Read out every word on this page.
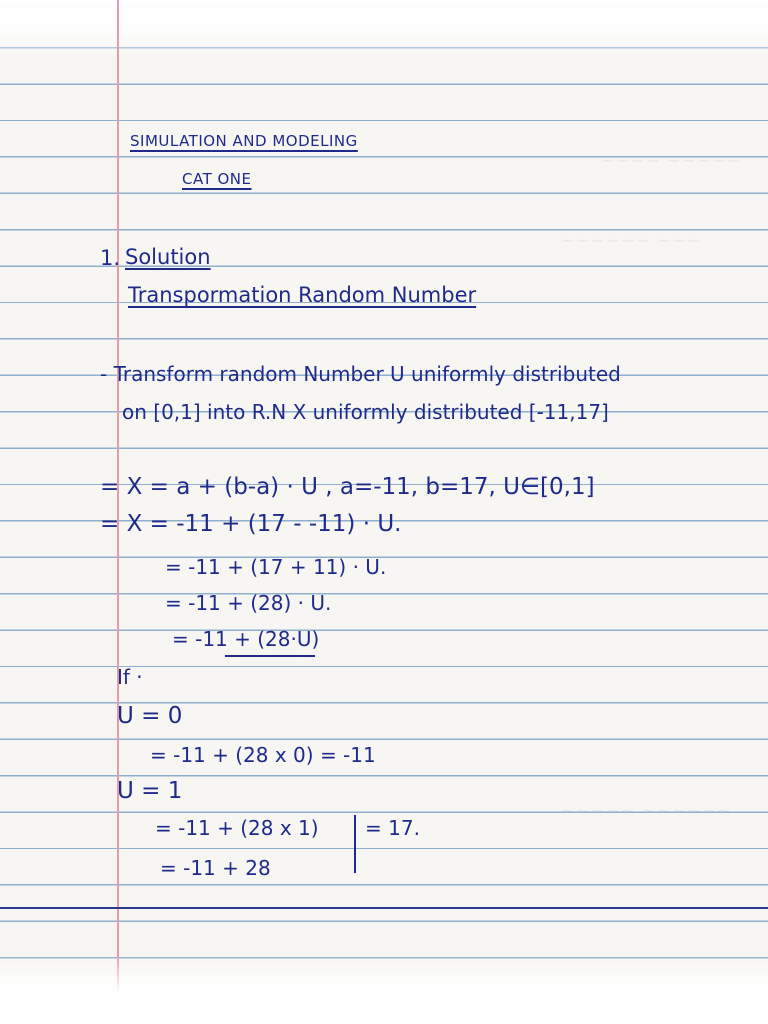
~~~~ ~~~~~
~~~~~~ ~~~
~~~~~ ~~~~~~
SIMULATION AND MODELING
CAT ONE
1. Solution
Transpormation Random Number
- Transform random Number U uniformly distributed
on [0,1] into R.N X uniformly distributed [-11,17]
= X = a + (b-a) · U , a=-11, b=17, U∈[0,1]
= X = -11 + (17 - -11) · U.
= -11 + (17 + 11) · U.
= -11 + (28) · U.
= -11 + (28·U)
If ·
U = 0
= -11 + (28 x 0) = -11
U = 1
= -11 + (28 x 1) = 17.
= -11 + 28
